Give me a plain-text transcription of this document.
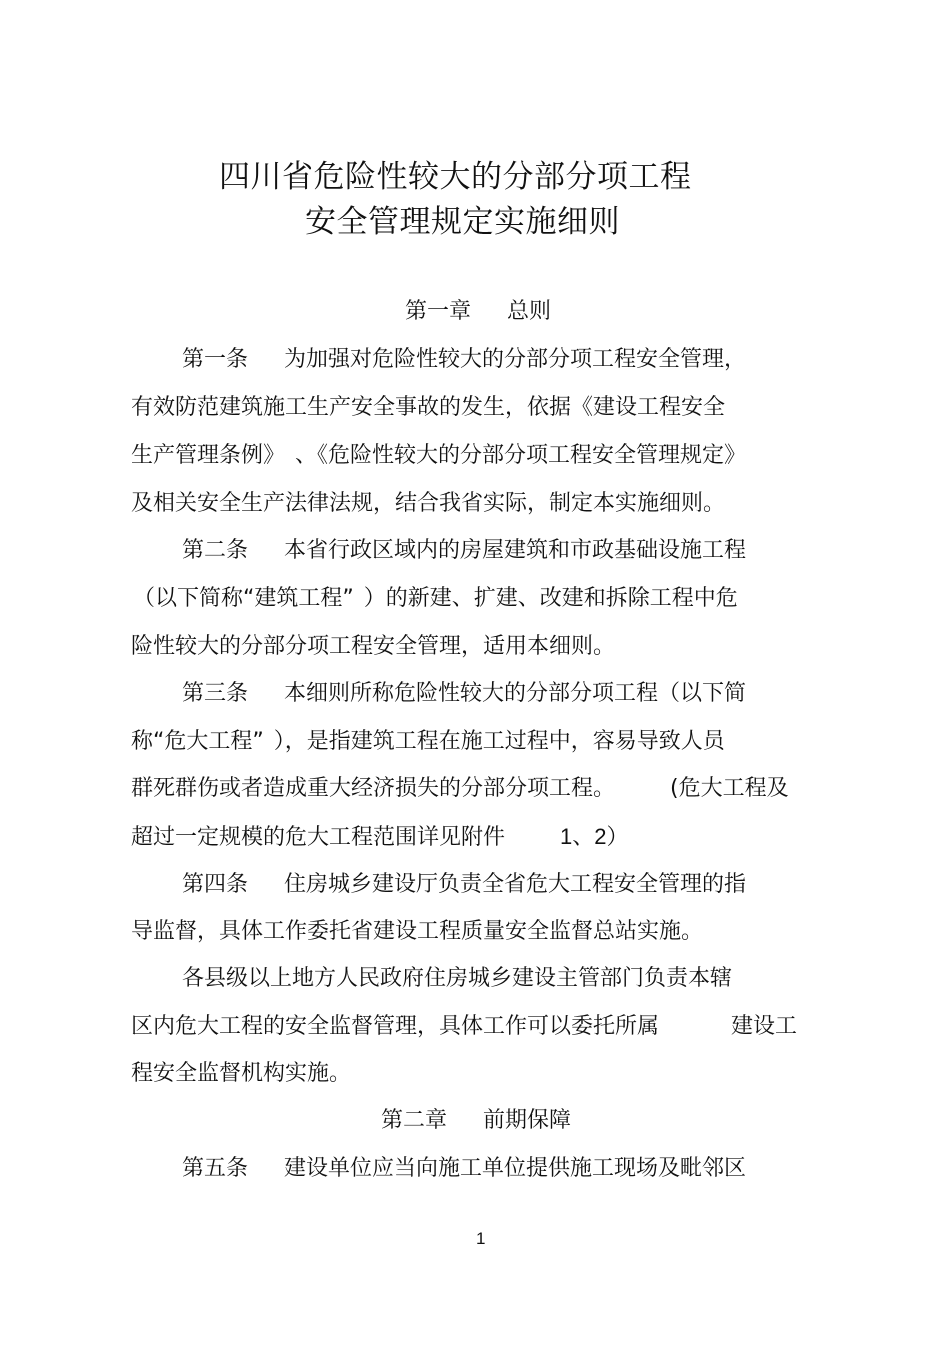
四川省危险性较大的分部分项工程
安全管理规定实施细则
第一章 总则
第一条 为加强对危险性较大的分部分项工程安全管理，
有效防范建筑施工生产安全事故的发生，依据《建设工程安全
生产管理条例》 、《危险性较大的分部分项工程安全管理规定》
及相关安全生产法律法规，结合我省实际，制定本实施细则。
第二条 本省行政区域内的房屋建筑和市政基础设施工程
（以下简称“建筑工程” ）的新建、扩建、改建和拆除工程中危
险性较大的分部分项工程安全管理，适用本细则。
第三条 本细则所称危险性较大的分部分项工程（以下简
称“危大工程” ），是指建筑工程在施工过程中，容易导致人员
群死群伤或者造成重大经济损失的分部分项工程。	(危大工程及
超过一定规模的危大工程范围详见附件	1、2）
第四条 住房城乡建设厅负责全省危大工程安全管理的指
导监督，具体工作委托省建设工程质量安全监督总站实施。
各县级以上地方人民政府住房城乡建设主管部门负责本辖
区内危大工程的安全监督管理，具体工作可以委托所属	建设工
程安全监督机构实施。
第二章 前期保障
第五条 建设单位应当向施工单位提供施工现场及毗邻区
1
